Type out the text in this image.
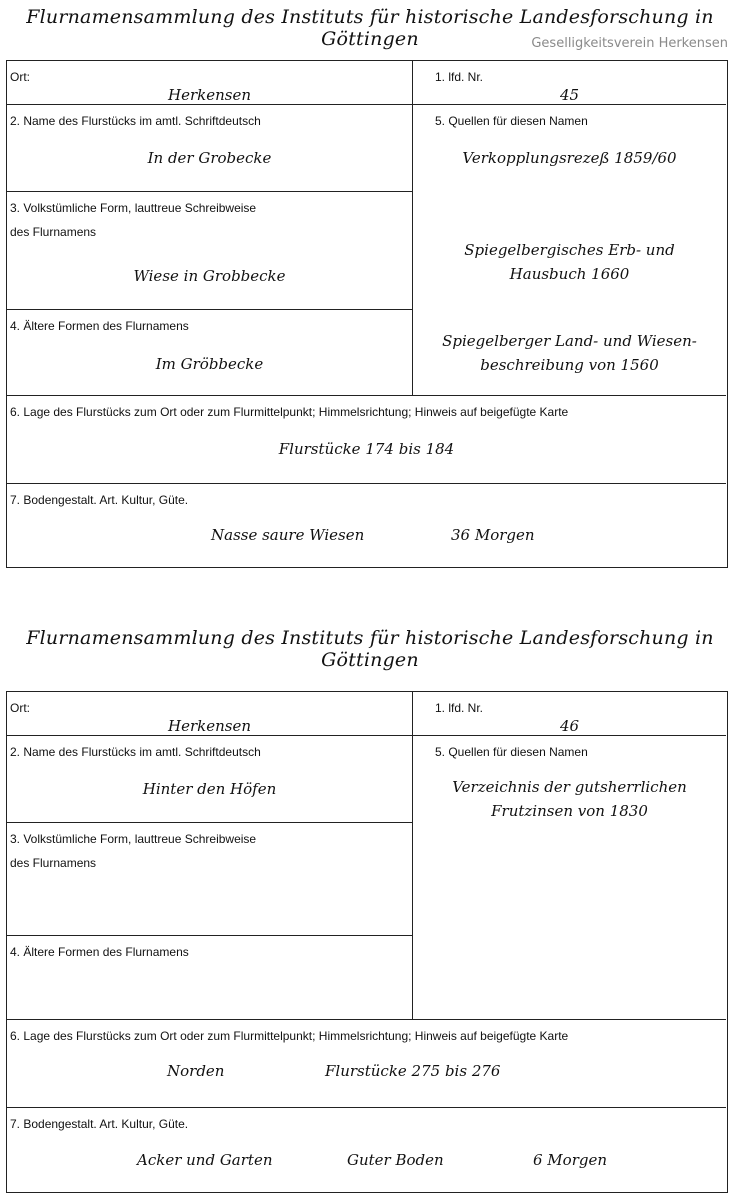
Flurnamensammlung des Instituts für historische Landesforschung in Göttingen	Geselligkeitsverein Herkensen
Ort:
Herkensen
1. lfd. Nr.
45
2. Name des Flurstücks im amtl. Schriftdeutsch
In der Grobecke
3. Volkstümliche Form, lauttreue Schreibweise
des Flurnamens
Wiese in Grobbecke
4. Ältere Formen des Flurnamens
Im Gröbbecke
5. Quellen für diesen Namen
Verkopplungsrezeß 1859/60
Spiegelbergisches Erb- und
Hausbuch 1660
Spiegelberger Land- und Wiesen-
beschreibung von 1560
6. Lage des Flurstücks zum Ort oder zum Flurmittelpunkt; Himmelsrichtung; Hinweis auf beigefügte Karte
Flurstücke 174 bis 184
7. Bodengestalt. Art. Kultur, Güte.
Nasse saure Wiesen	36 Morgen
Flurnamensammlung des Instituts für historische Landesforschung in Göttingen
Ort:
Herkensen
1. lfd. Nr.
46
2. Name des Flurstücks im amtl. Schriftdeutsch
Hinter den Höfen
3. Volkstümliche Form, lauttreue Schreibweise
des Flurnamens
4. Ältere Formen des Flurnamens
5. Quellen für diesen Namen
Verzeichnis der gutsherrlichen
Frutzinsen von 1830
6. Lage des Flurstücks zum Ort oder zum Flurmittelpunkt; Himmelsrichtung; Hinweis auf beigefügte Karte
Norden	Flurstücke 275 bis 276
7. Bodengestalt. Art. Kultur, Güte.
Acker und Garten	Guter Boden	6 Morgen
